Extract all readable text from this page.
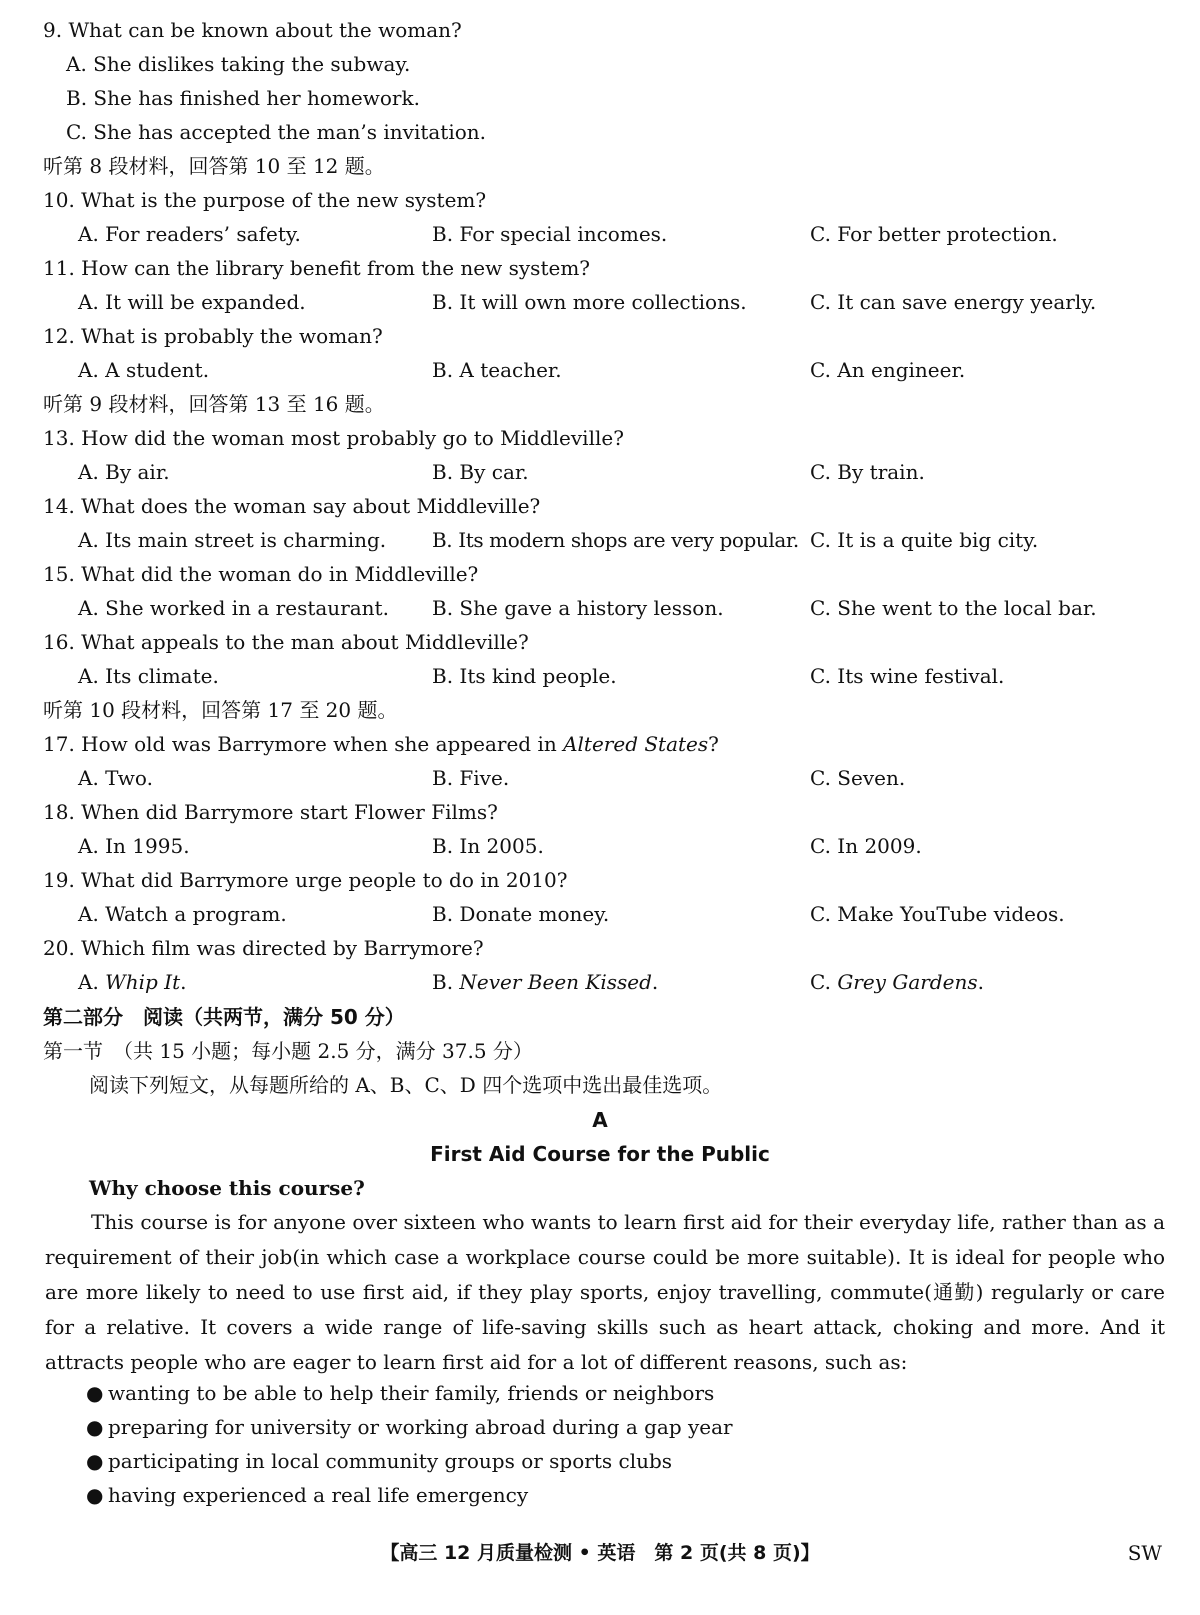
9. What can be known about the woman?
A. She dislikes taking the subway.
B. She has finished her homework.
C. She has accepted the man’s invitation.
听第 8 段材料，回答第 10 至 12 题。
10. What is the purpose of the new system?
A. For readers’ safety.	B. For special incomes.	C. For better protection.
11. How can the library benefit from the new system?
A. It will be expanded.	B. It will own more collections.	C. It can save energy yearly.
12. What is probably the woman?
A. A student.	B. A teacher.	C. An engineer.
听第 9 段材料，回答第 13 至 16 题。
13. How did the woman most probably go to Middleville?
A. By air.	B. By car.	C. By train.
14. What does the woman say about Middleville?
A. Its main street is charming. B. Its modern shops are very popular. C. It is a quite big city.
15. What did the woman do in Middleville?
A. She worked in a restaurant. B. She gave a history lesson.	C. She went to the local bar.
16. What appeals to the man about Middleville?
A. Its climate.	B. Its kind people.	C. Its wine festival.
听第 10 段材料，回答第 17 至 20 题。
17. How old was Barrymore when she appeared in Altered States?
A. Two.	B. Five.	C. Seven.
18. When did Barrymore start Flower Films?
A. In 1995.	B. In 2005.	C. In 2009.
19. What did Barrymore urge people to do in 2010?
A. Watch a program.	B. Donate money.	C. Make YouTube videos.
20. Which film was directed by Barrymore?
A. Whip It.	B. Never Been Kissed.	C. Grey Gardens.
第二部分　阅读（共两节，满分 50 分）
第一节　（共 15 小题；每小题 2.5 分，满分 37.5 分）
阅读下列短文，从每题所给的 A、B、C、D 四个选项中选出最佳选项。
A
First Aid Course for the Public
Why choose this course?
This course is for anyone over sixteen who wants to learn first aid for their everyday life, rather than as a requirement of their job(in which case a workplace course could be more suitable). It is ideal for people who are more likely to need to use first aid, if they play sports, enjoy travelling, commute(通勤) regularly or care for a relative. It covers a wide range of life-saving skills such as heart attack, choking and more. And it attracts people who are eager to learn first aid for a lot of different reasons, such as:
● wanting to be able to help their family, friends or neighbors
● preparing for university or working abroad during a gap year
● participating in local community groups or sports clubs
● having experienced a real life emergency
【高三 12 月质量检测 • 英语　第 2 页(共 8 页)】	SW
